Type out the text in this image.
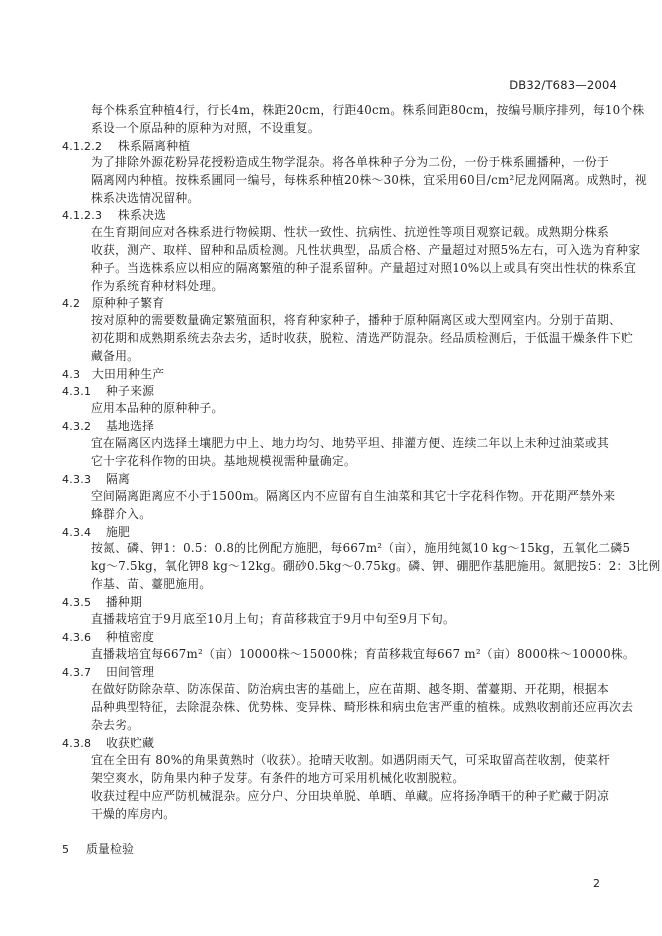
DB32/T683—2004
每个株系宜种植4行，行长4m，株距20cm，行距40cm。株系间距80cm，按编号顺序排列，每10个株
系设一个原品种的原种为对照，不设重复。
4.1.2.2 株系隔离种植
为了排除外源花粉异花授粉造成生物学混杂。将各单株种子分为二份，一份于株系圃播种，一份于
隔离网内种植。按株系圃同一编号，每株系种植20株～30株，宜采用60目/cm²尼龙网隔离。成熟时，视
株系决选情况留种。
4.1.2.3 株系决选
在生育期间应对各株系进行物候期、性状一致性、抗病性、抗逆性等项目观察记载。成熟期分株系
收获，测产、取样、留种和品质检测。凡性状典型，品质合格、产量超过对照5%左右，可入选为育种家
种子。当选株系应以相应的隔离繁殖的种子混系留种。产量超过对照10%以上或具有突出性状的株系宜
作为系统育种材料处理。
4.2 原种种子繁育
按对原种的需要数量确定繁殖面积，将育种家种子，播种于原种隔离区或大型网室内。分别于苗期、
初花期和成熟期系统去杂去劣，适时收获，脱粒、清选严防混杂。经品质检测后，于低温干燥条件下贮
藏备用。
4.3 大田用种生产
4.3.1 种子来源
应用本品种的原种种子。
4.3.2 基地选择
宜在隔离区内选择土壤肥力中上、地力均匀、地势平坦、排灌方便、连续二年以上未种过油菜或其
它十字花科作物的田块。基地规模视需种量确定。
4.3.3 隔离
空间隔离距离应不小于1500m。隔离区内不应留有自生油菜和其它十字花科作物。开花期严禁外来
蜂群介入。
4.3.4 施肥
按氮、磷、钾1：0.5：0.8的比例配方施肥，每667m²（亩），施用纯氮10 kg～15kg，五氧化二磷5
kg～7.5kg，氧化钾8 kg～12kg。硼砂0.5kg～0.75kg。磷、钾、硼肥作基肥施用。氮肥按5：2：3比例
作基、苗、薹肥施用。
4.3.5 播种期
直播栽培宜于9月底至10月上旬；育苗移栽宜于9月中旬至9月下旬。
4.3.6 种植密度
直播栽培宜每667m²（亩）10000株～15000株；育苗移栽宜每667 m²（亩）8000株～10000株。
4.3.7 田间管理
在做好防除杂草、防冻保苗、防治病虫害的基础上，应在苗期、越冬期、蕾薹期、开花期，根据本
品种典型特征，去除混杂株、优势株、变异株、畸形株和病虫危害严重的植株。成熟收割前还应再次去
杂去劣。
4.3.8 收获贮藏
宜在全田有 80%的角果黄熟时（收获）。抢晴天收割。如遇阴雨天气，可采取留高茬收割，使菜杆
架空爽水，防角果内种子发芽。有条件的地方可采用机械化收割脱粒。
收获过程中应严防机械混杂。应分户、分田块单脱、单晒、单藏。应将扬净晒干的种子贮藏于阴凉
干燥的库房内。
5 质量检验
2
